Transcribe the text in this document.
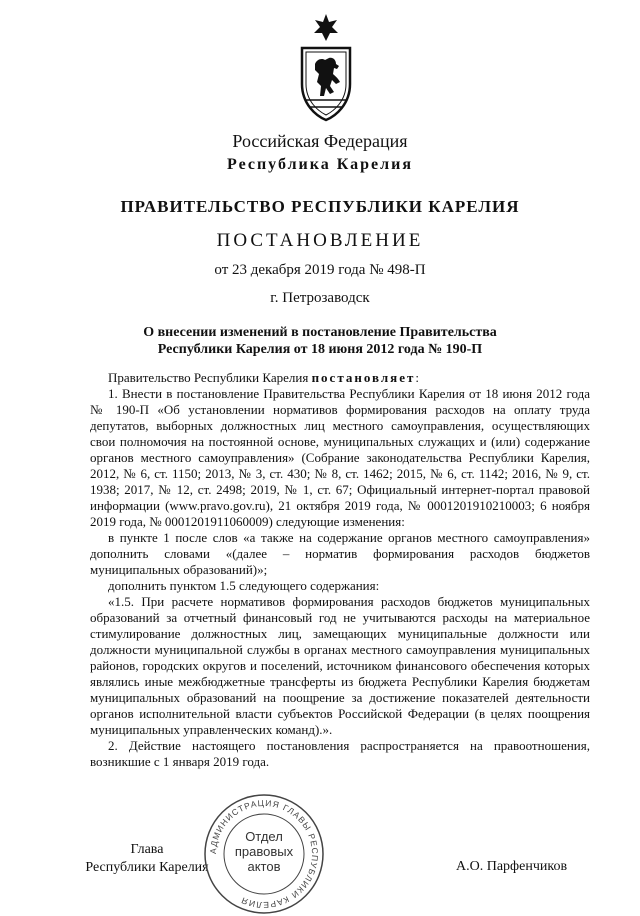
Российская Федерация
Республика Карелия
ПРАВИТЕЛЬСТВО РЕСПУБЛИКИ КАРЕЛИЯ
ПОСТАНОВЛЕНИЕ
от 23 декабря 2019 года № 498-П
г. Петрозаводск
О внесении изменений в постановление Правительства
Республики Карелия от 18 июня 2012 года № 190-П

Правительство Республики Карелия постановляет:

1. Внести в постановление Правительства Республики Карелия от 18 июня 2012 года № 190-П «Об установлении нормативов формирования расходов на оплату труда депутатов, выборных должностных лиц местного самоуправления, осуществляющих свои полномочия на постоянной основе, муниципальных служащих и (или) содержание органов местного самоуправления» (Собрание законодательства Республики Карелия, 2012, № 6, ст. 1150; 2013, № 3, ст. 430; № 8, ст. 1462; 2015, № 6, ст. 1142; 2016, № 9, ст. 1938; 2017, № 12, ст. 2498; 2019, № 1, ст. 67; Официальный интернет-портал правовой информации (www.pravo.gov.ru), 21 октября 2019 года, № 0001201910210003; 6 ноября 2019 года, № 0001201911060009) следующие изменения:

в пункте 1 после слов «а также на содержание органов местного самоуправления» дополнить словами «(далее – норматив формирования расходов бюджетов муниципальных образований)»;

дополнить пунктом 1.5 следующего содержания:

«1.5. При расчете нормативов формирования расходов бюджетов муниципальных образований за отчетный финансовый год не учитываются расходы на материальное стимулирование должностных лиц, замещающих муниципальные должности или должности муниципальной службы в органах местного самоуправления муниципальных районов, городских округов и поселений, источником финансового обеспечения которых являлись иные межбюджетные трансферты из бюджета Республики Карелия бюджетам муниципальных образований на поощрение за достижение показателей деятельности органов исполнительной власти субъектов Российской Федерации (в целях поощрения муниципальных управленческих команд).».

2. Действие настоящего постановления распространяется на правоотношения, возникшие с 1 января 2019 года.

Глава
Республики Карелия
АДМИНИСТРАЦИЯ ГЛАВЫ РЕСПУБЛИКИ КАРЕЛИЯ
Отдел
правовых
актов	А.О. Парфенчиков
